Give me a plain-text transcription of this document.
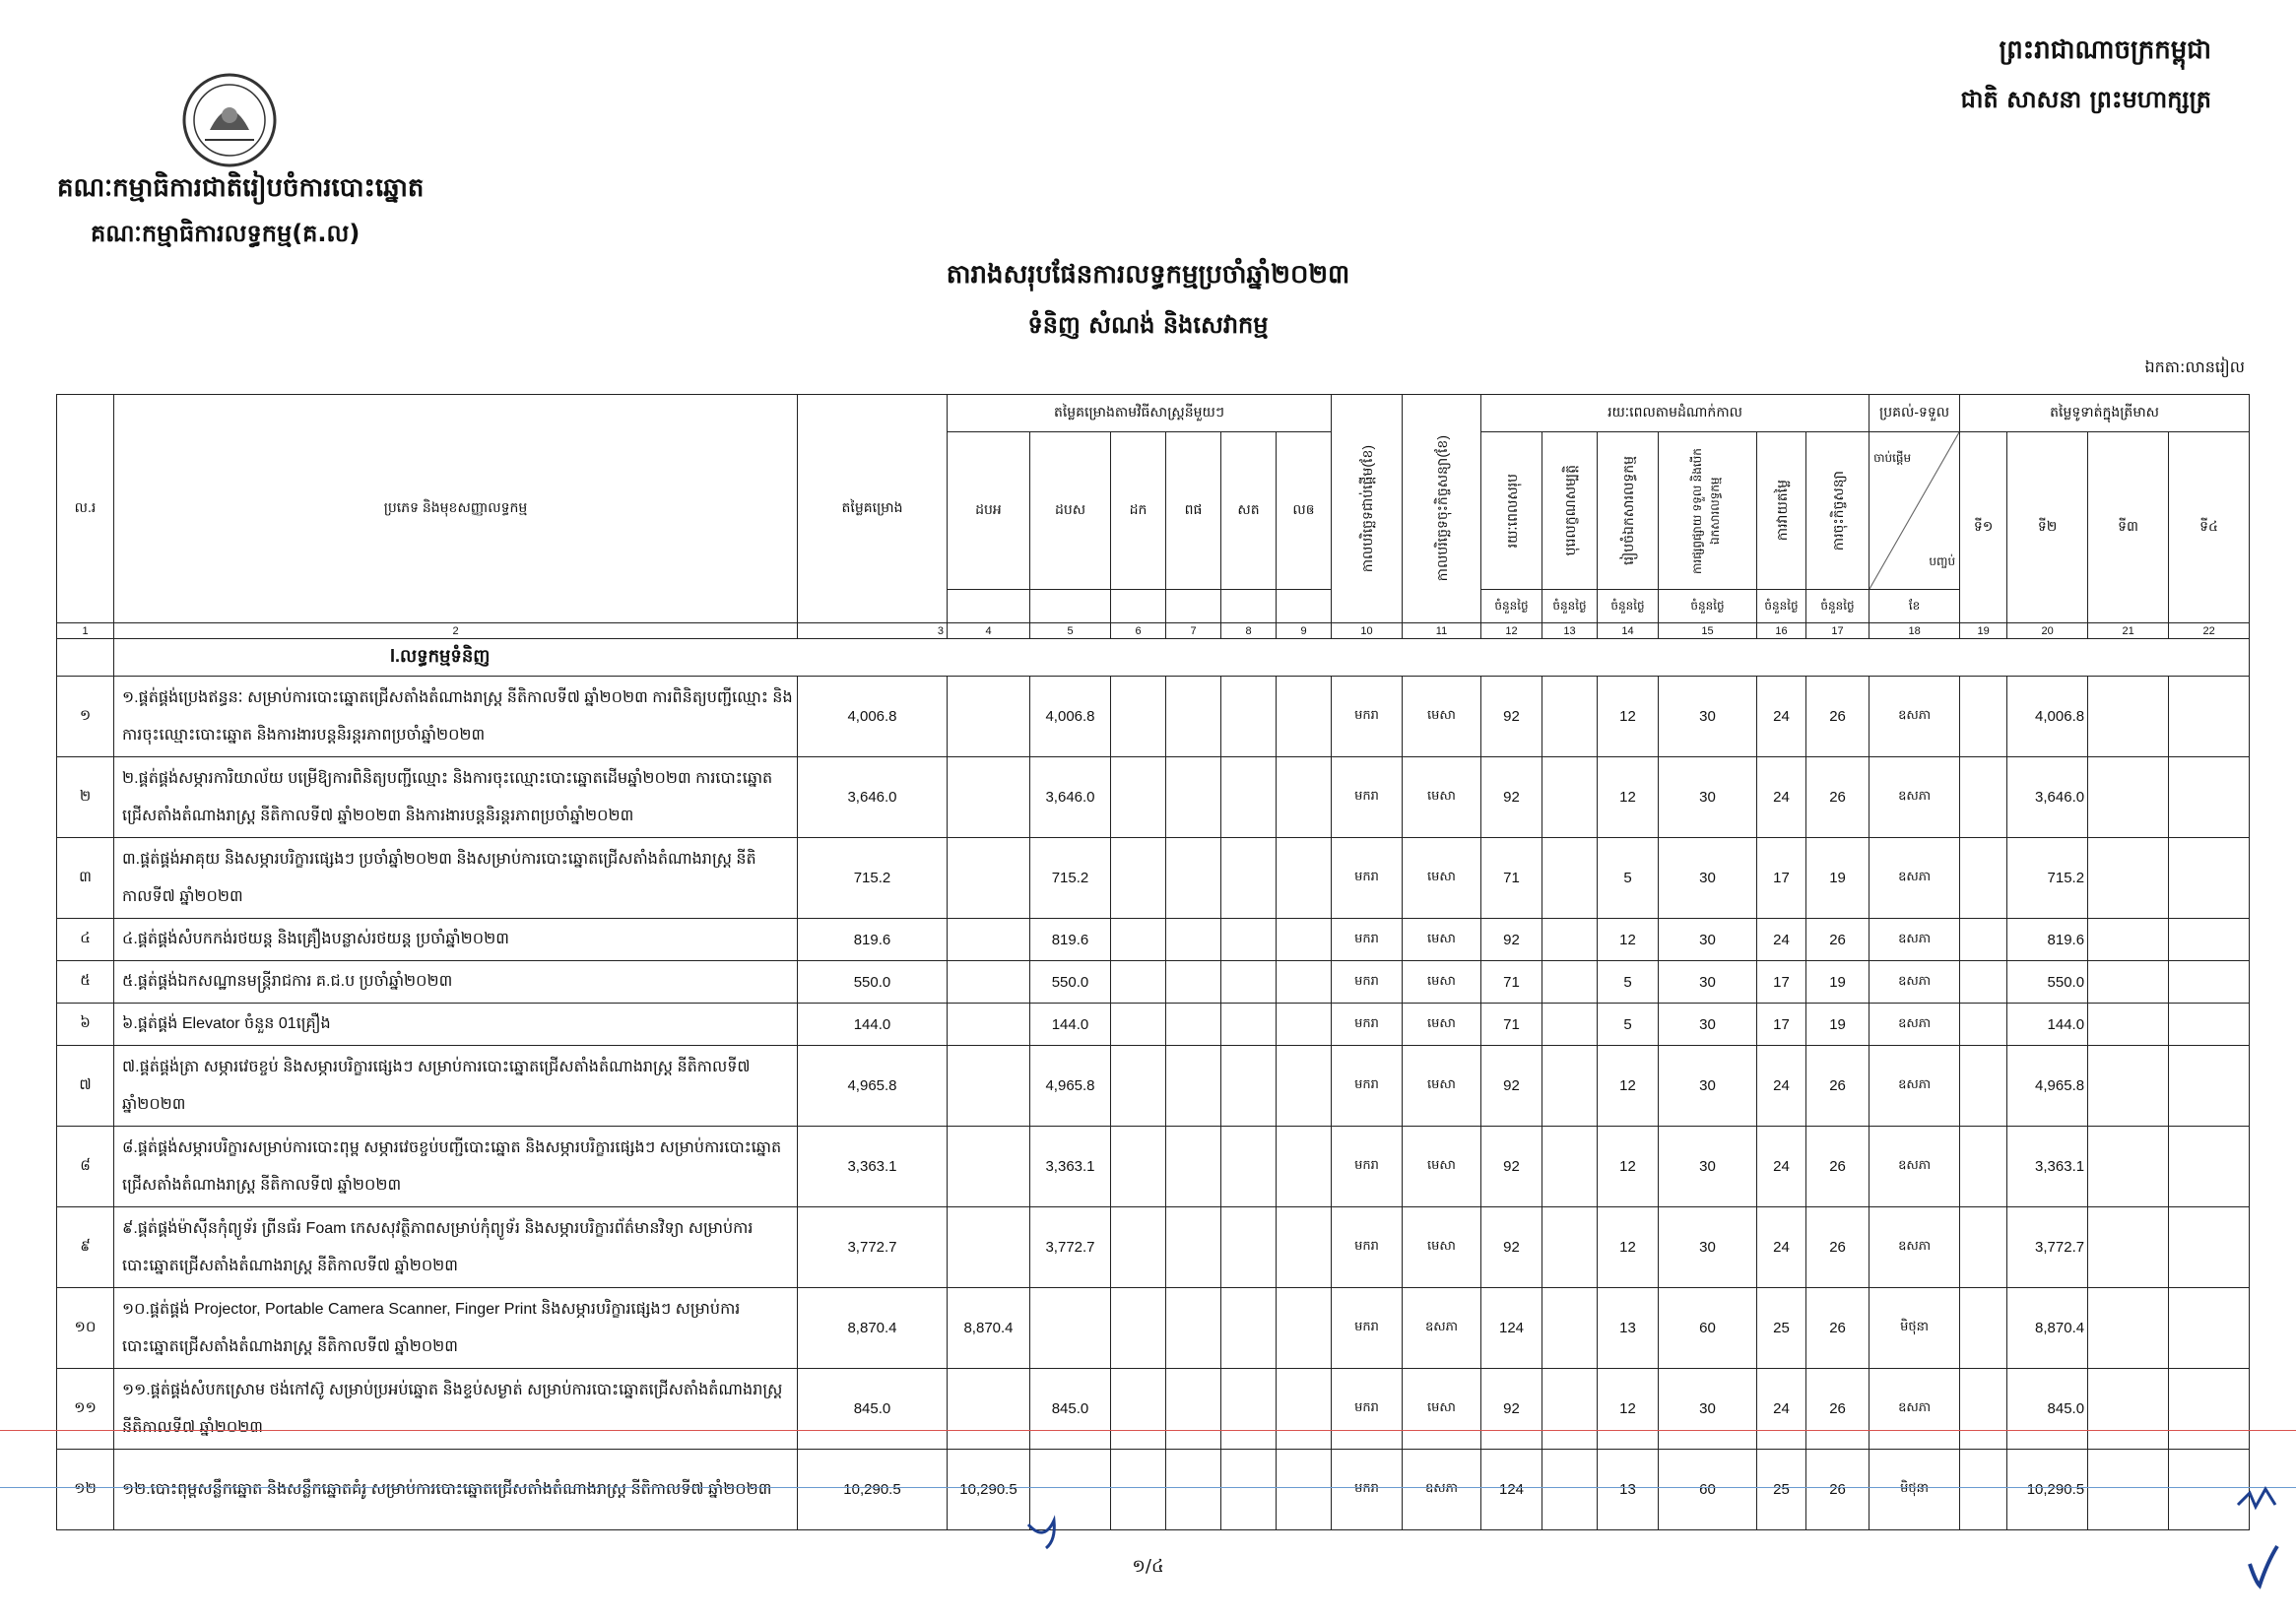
គណៈកម្មាធិការជាតិរៀបចំការបោះឆ្នោត
គណៈកម្មាធិការលទ្ធកម្ម(គ.ល)
ព្រះរាជាណាចក្រកម្ពុជា
ជាតិ សាសនា ព្រះមហាក្សត្រ
តារាងសរុបផែនការលទ្ធកម្មប្រចាំឆ្នាំ២០២៣
ទំនិញ សំណង់ និងសេវាកម្ម
ឯកតា:លានរៀល
ល.រ	ប្រភេទ និងមុខសញ្ញាលទ្ធកម្ម	តម្លៃគម្រោង	តម្លៃគម្រោងតាមវិធីសាស្ត្រនីមួយៗ						កាលបរិច្ឆេទជាប់ផ្ដើម(ខែ)	កាលបរិច្ឆេទចុះកិច្ចសន្យា(ខែ)	រយៈពេលតាមដំណាក់កាល						ប្រគល់-ទទួល	តម្លៃទូទាត់ក្នុងត្រីមាស			
			ដបអ	ដបស	ដក	ពផ	សត	លឲ			រយៈពេលសរុប	បុរេលក្ខណសម្បត្តិ	រៀបចំឯកសារលទ្ធកម្ម	ការផ្សព្វផ្សាយ ទទួល និងបើកឯកសារលទ្ធកម្ម	ការវាយតម្លៃ	ការចុះកិច្ចសន្យា	ចាប់ផ្ដើម
បញ្ចប់	ទី១	ទី២	ទី៣	ទី៤
											ចំនួនថ្ងៃ	ចំនួនថ្ងៃ	ចំនួនថ្ងៃ	ចំនួនថ្ងៃ	ចំនួនថ្ងៃ	ចំនួនថ្ងៃ	ខែ				
1	2	3	4	5	6	7	8	9	10	11	12	13	14	15	16	17	18	19	20	21	22
	I.លទ្ធកម្មទំនិញ																				
១	១.ផ្គត់ផ្គង់ប្រេងឥន្ធនៈ សម្រាប់ការបោះឆ្នោតជ្រើសតាំងតំណាងរាស្ត្រ នីតិកាលទី៧ ឆ្នាំ២០២៣ ការពិនិត្យបញ្ជីឈ្មោះ និងការចុះឈ្មោះបោះឆ្នោត និងការងារបន្តនិរន្តរភាពប្រចាំឆ្នាំ២០២៣	4,006.8		4,006.8					មករា	មេសា	92		12	30	24	26	ឧសភា		4,006.8		
២	២.ផ្គត់ផ្គង់សម្ភារការិយាល័យ បម្រើឱ្យការពិនិត្យបញ្ជីឈ្មោះ និងការចុះឈ្មោះបោះឆ្នោតដើមឆ្នាំ២០២៣ ការបោះឆ្នោតជ្រើសតាំងតំណាងរាស្ត្រ នីតិកាលទី៧ ឆ្នាំ២០២៣ និងការងារបន្តនិរន្តរភាពប្រចាំឆ្នាំ២០២៣	3,646.0		3,646.0					មករា	មេសា	92		12	30	24	26	ឧសភា		3,646.0		
៣	៣.ផ្គត់ផ្គង់អាគុយ និងសម្ភារបរិក្ខារផ្សេងៗ ប្រចាំឆ្នាំ២០២៣ និងសម្រាប់ការបោះឆ្នោតជ្រើសតាំងតំណាងរាស្ត្រ នីតិកាលទី៧ ឆ្នាំ២០២៣	715.2		715.2					មករា	មេសា	71		5	30	17	19	ឧសភា		715.2		
៤	៤.ផ្គត់ផ្គង់សំបកកង់រថយន្ត និងគ្រឿងបន្លាស់រថយន្ត ប្រចាំឆ្នាំ២០២៣	819.6		819.6					មករា	មេសា	92		12	30	24	26	ឧសភា		819.6		
៥	៥.ផ្គត់ផ្គង់ឯកសណ្ឋានមន្ត្រីរាជការ គ.ជ.ប ប្រចាំឆ្នាំ២០២៣	550.0		550.0					មករា	មេសា	71		5	30	17	19	ឧសភា		550.0		
៦	៦.ផ្គត់ផ្គង់ Elevator ចំនួន 01គ្រឿង	144.0		144.0					មករា	មេសា	71		5	30	17	19	ឧសភា		144.0		
៧	៧.ផ្គត់ផ្គង់ត្រា សម្ភារវេចខ្ចប់ និងសម្ភារបរិក្ខារផ្សេងៗ សម្រាប់ការបោះឆ្នោតជ្រើសតាំងតំណាងរាស្ត្រ នីតិកាលទី៧ ឆ្នាំ២០២៣	4,965.8		4,965.8					មករា	មេសា	92		12	30	24	26	ឧសភា		4,965.8		
៨	៨.ផ្គត់ផ្គង់សម្ភារបរិក្ខារសម្រាប់ការបោះពុម្ព សម្ភារវេចខ្ចប់បញ្ជីបោះឆ្នោត និងសម្ភារបរិក្ខារផ្សេងៗ សម្រាប់ការបោះឆ្នោតជ្រើសតាំងតំណាងរាស្ត្រ នីតិកាលទី៧ ឆ្នាំ២០២៣	3,363.1		3,363.1					មករា	មេសា	92		12	30	24	26	ឧសភា		3,363.1		
៩	៩.ផ្គត់ផ្គង់ម៉ាស៊ីនកុំព្យូទ័រ ព្រីនធ័រ Foam កេសសុវត្ថិភាពសម្រាប់កុំព្យូទ័រ និងសម្ភារបរិក្ខារព័ត៌មានវិទ្យា សម្រាប់ការបោះឆ្នោតជ្រើសតាំងតំណាងរាស្ត្រ នីតិកាលទី៧ ឆ្នាំ២០២៣	3,772.7		3,772.7					មករា	មេសា	92		12	30	24	26	ឧសភា		3,772.7		
១០	១០.ផ្គត់ផ្គង់ Projector, Portable Camera Scanner, Finger Print និងសម្ភារបរិក្ខារផ្សេងៗ សម្រាប់ការបោះឆ្នោតជ្រើសតាំងតំណាងរាស្ត្រ នីតិកាលទី៧ ឆ្នាំ២០២៣	8,870.4	8,870.4						មករា	ឧសភា	124		13	60	25	26	មិថុនា		8,870.4		
១១	១១.ផ្គត់ផ្គង់សំបកស្រោម ថង់កៅស៊ូ សម្រាប់ប្រអប់ឆ្នោត និងខ្ទប់សម្ងាត់ សម្រាប់ការបោះឆ្នោតជ្រើសតាំងតំណាងរាស្ត្រ នីតិកាលទី៧ ឆ្នាំ២០២៣	845.0		845.0					មករា	មេសា	92		12	30	24	26	ឧសភា		845.0		
១២	១២.បោះពុម្ពសន្លឹកឆ្នោត និងសន្លឹកឆ្នោតគំរូ សម្រាប់ការបោះឆ្នោតជ្រើសតាំងតំណាងរាស្ត្រ នីតិកាលទី៧ ឆ្នាំ២០២៣	10,290.5	10,290.5						មករា	ឧសភា	124		13	60	25	26	មិថុនា		10,290.5		
១/៤
